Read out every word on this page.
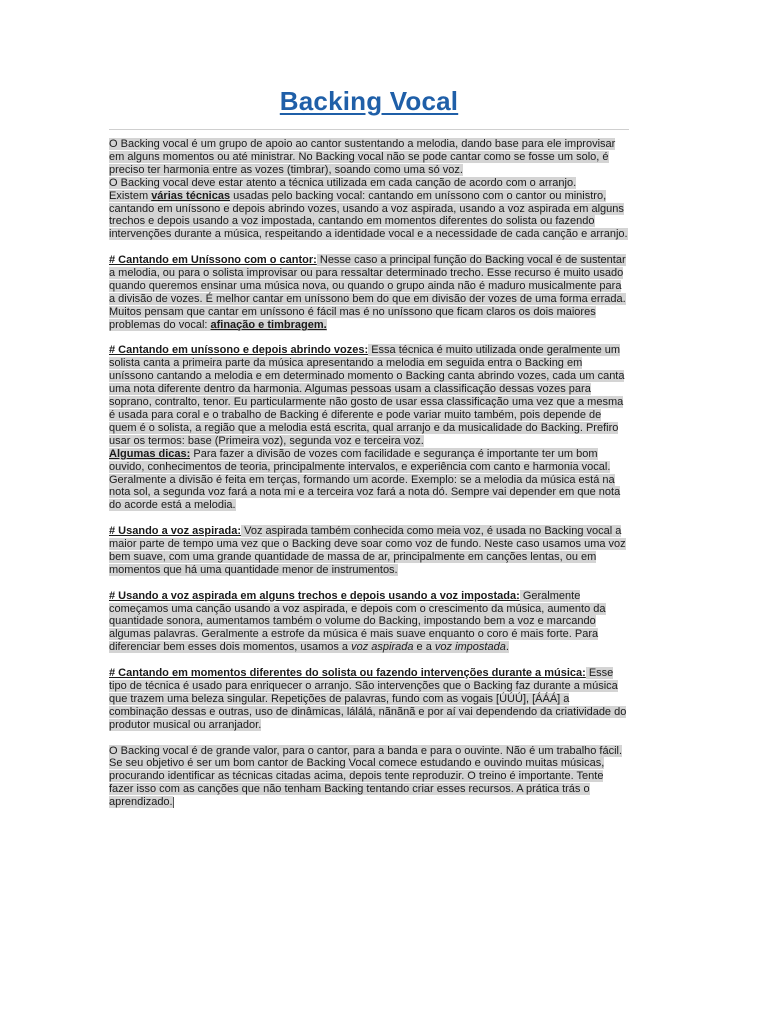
Backing Vocal

O Backing vocal é um grupo de apoio ao cantor sustentando a melodia, dando base para ele improvisar em alguns momentos ou até ministrar. No Backing vocal não se pode cantar como se fosse um solo, é preciso ter harmonia entre as vozes (timbrar), soando como uma só voz.
O Backing vocal deve estar atento a técnica utilizada em cada canção de acordo com o arranjo.
Existem várias técnicas usadas pelo backing vocal: cantando em uníssono com o cantor ou ministro, cantando em uníssono e depois abrindo vozes, usando a voz aspirada, usando a voz aspirada em alguns trechos e depois usando a voz impostada, cantando em momentos diferentes do solista ou fazendo intervenções durante a música, respeitando a identidade vocal e a necessidade de cada canção e arranjo.

# Cantando em Uníssono com o cantor: Nesse caso a principal função do Backing vocal é de sustentar a melodia, ou para o solista improvisar ou para ressaltar determinado trecho. Esse recurso é muito usado quando queremos ensinar uma música nova, ou quando o grupo ainda não é maduro musicalmente para a divisão de vozes. É melhor cantar em uníssono bem do que em divisão der vozes de uma forma errada. Muitos pensam que cantar em uníssono é fácil mas é no uníssono que ficam claros os dois maiores problemas do vocal: afinação e timbragem.

# Cantando em uníssono e depois abrindo vozes: Essa técnica é muito utilizada onde geralmente um solista canta a primeira parte da música apresentando a melodia em seguida entra o Backing em uníssono cantando a melodia e em determinado momento o Backing canta abrindo vozes, cada um canta uma nota diferente dentro da harmonia. Algumas pessoas usam a classificação dessas vozes para soprano, contralto, tenor. Eu particularmente não gosto de usar essa classificação uma vez que a mesma é usada para coral e o trabalho de Backing é diferente e pode variar muito também, pois depende de quem é o solista, a região que a melodia está escrita, qual arranjo e da musicalidade do Backing. Prefiro usar os termos: base (Primeira voz), segunda voz e terceira voz.
Algumas dicas: Para fazer a divisão de vozes com facilidade e segurança é importante ter um bom ouvido, conhecimentos de teoria, principalmente intervalos, e experiência com canto e harmonia vocal. Geralmente a divisão é feita em terças, formando um acorde. Exemplo: se a melodia da música está na nota sol, a segunda voz fará a nota mi e a terceira voz fará a nota dó. Sempre vai depender em que nota do acorde está a melodia.

# Usando a voz aspirada: Voz aspirada também conhecida como meia voz, é usada no Backing vocal a maior parte de tempo uma vez que o Backing deve soar como voz de fundo. Neste caso usamos uma voz bem suave, com uma grande quantidade de massa de ar, principalmente em canções lentas, ou em momentos que há uma quantidade menor de instrumentos.

# Usando a voz aspirada em alguns trechos e depois usando a voz impostada: Geralmente começamos uma canção usando a voz aspirada, e depois com o crescimento da música, aumento da quantidade sonora, aumentamos também o volume do Backing, impostando bem a voz e marcando algumas palavras. Geralmente a estrofe da música é mais suave enquanto o coro é mais forte. Para diferenciar bem esses dois momentos, usamos a voz aspirada e a voz impostada.

# Cantando em momentos diferentes do solista ou fazendo intervenções durante a música: Esse tipo de técnica é usado para enriquecer o arranjo. São intervenções que o Backing faz durante a música que trazem uma beleza singular. Repetições de palavras, fundo com as vogais [ÚÚÚ], [ÁÁÁ] a combinação dessas e outras, uso de dinâmicas, lálálá, nãnãnã e por aí vai dependendo da criatividade do produtor musical ou arranjador.

O Backing vocal é de grande valor, para o cantor, para a banda e para o ouvinte. Não é um trabalho fácil. Se seu objetivo é ser um bom cantor de Backing Vocal comece estudando e ouvindo muitas músicas, procurando identificar as técnicas citadas acima, depois tente reproduzir. O treino é importante. Tente fazer isso com as canções que não tenham Backing tentando criar esses recursos. A prática trás o aprendizado.
